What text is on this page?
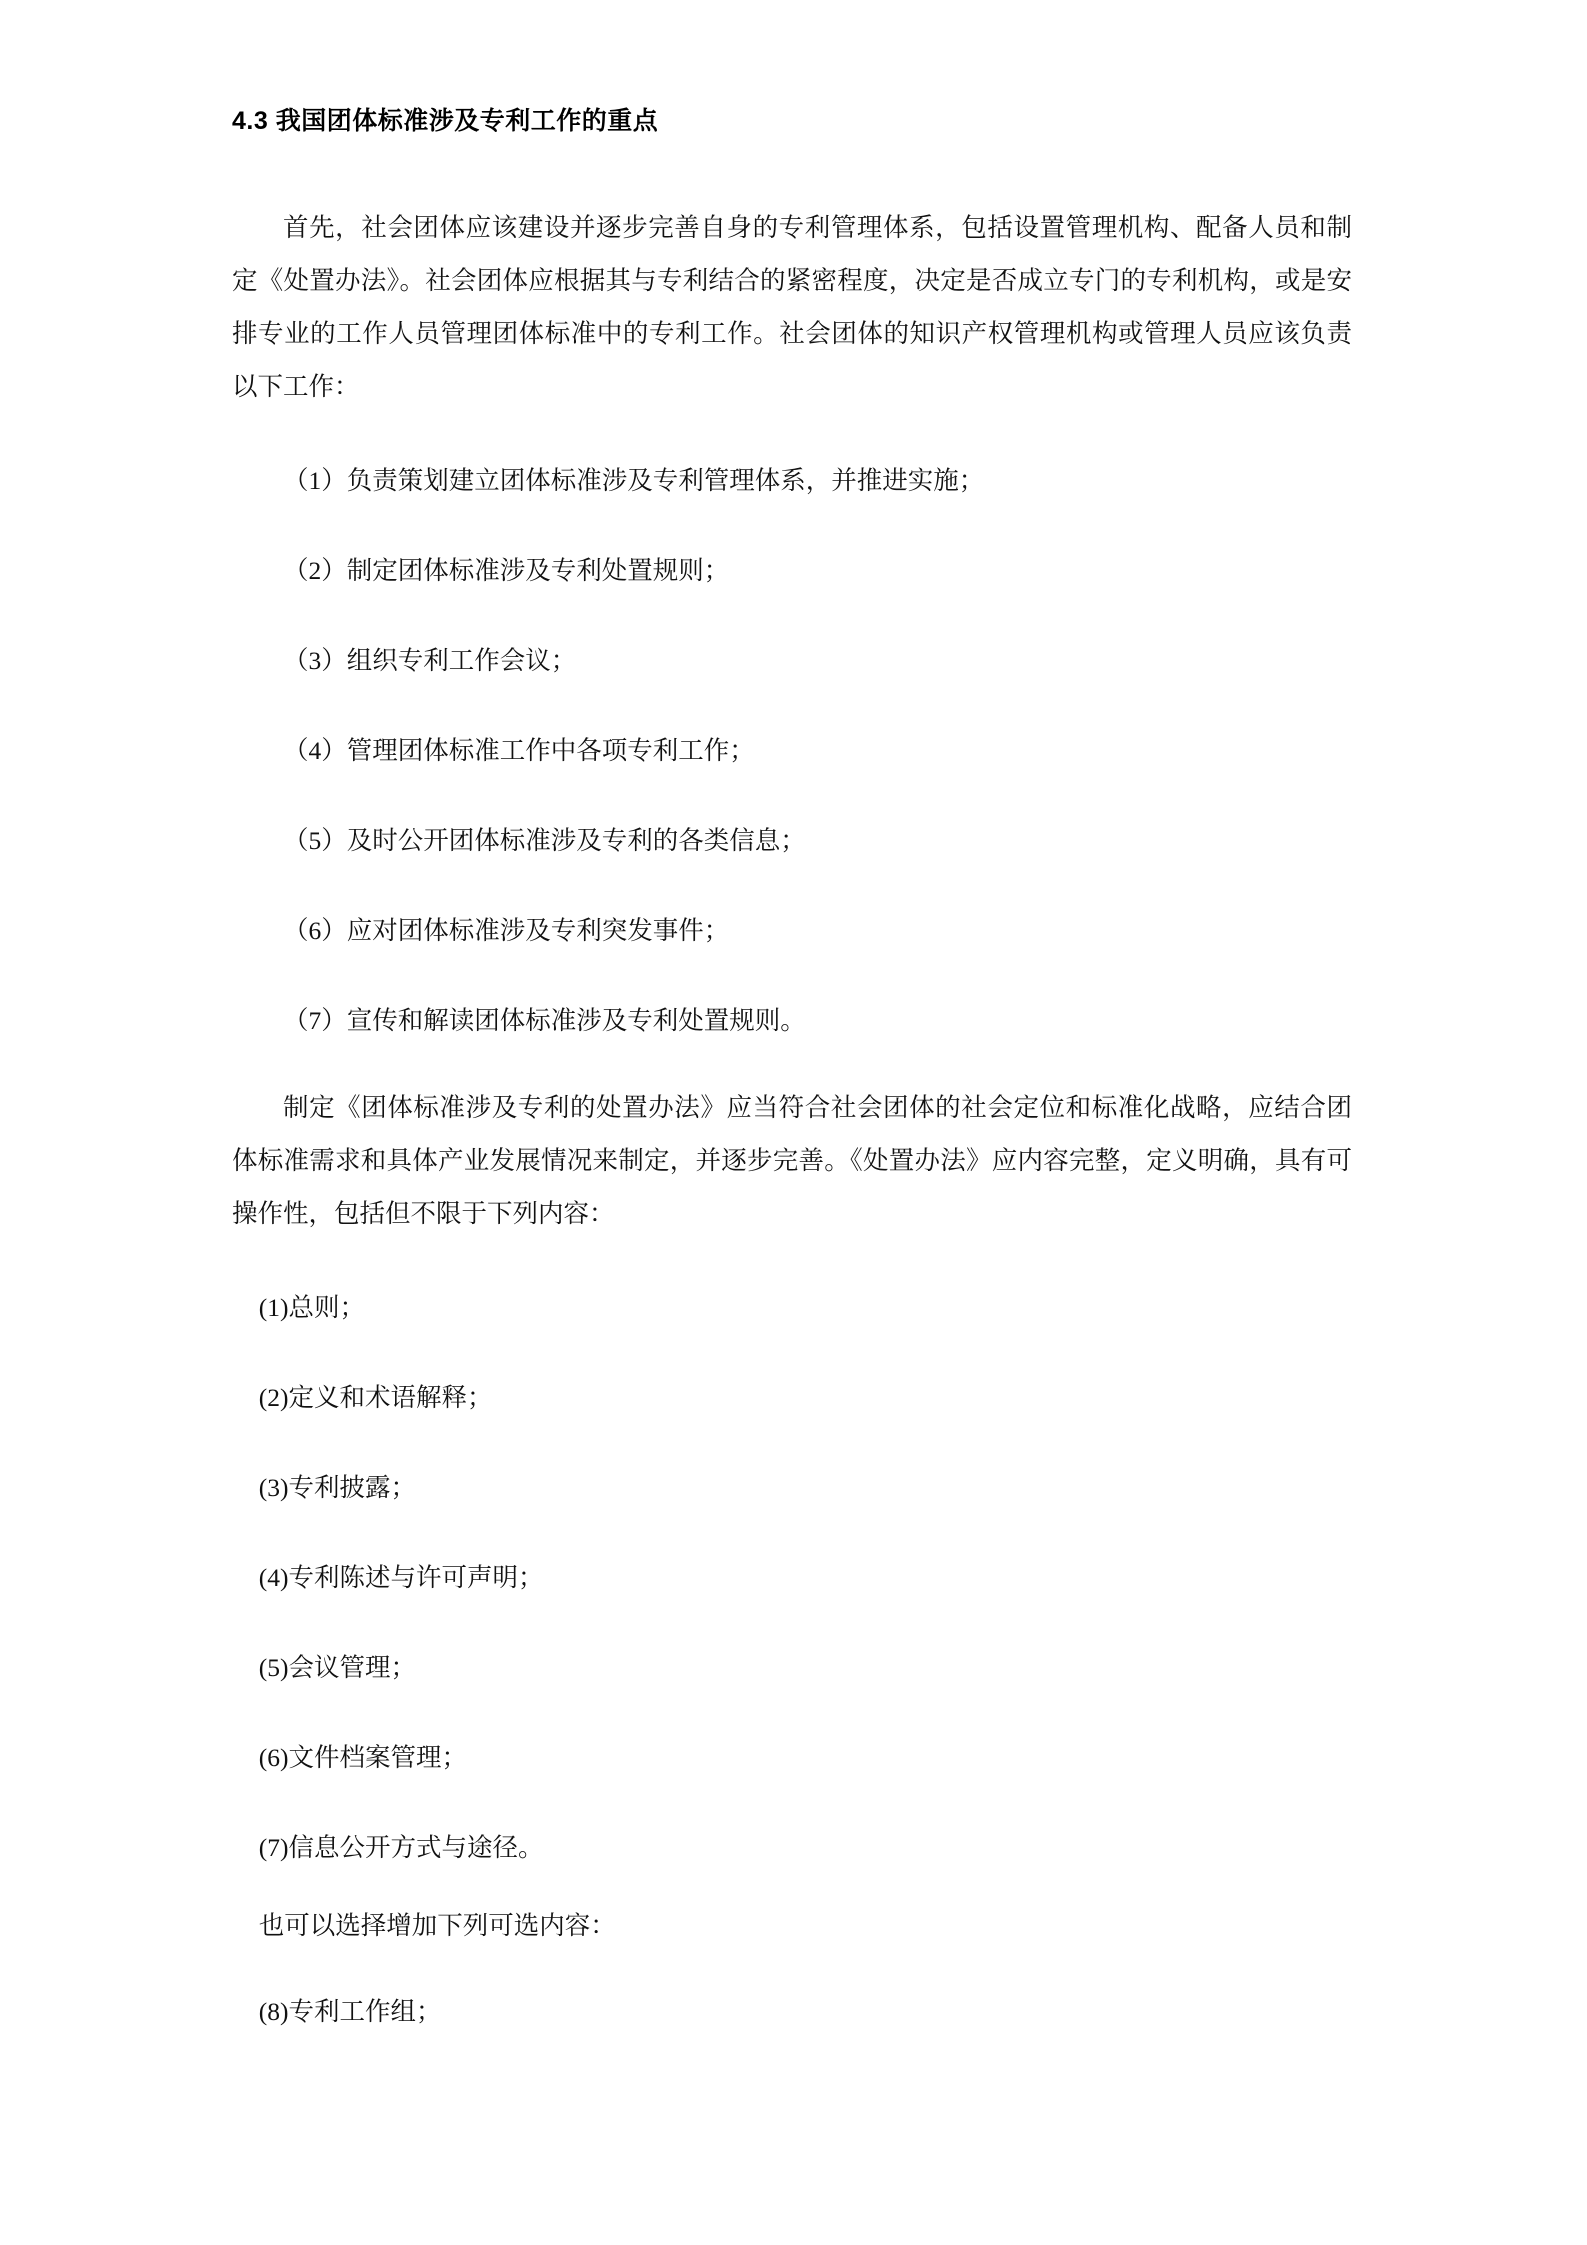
4.3 我国团体标准涉及专利工作的重点

首先，社会团体应该建设并逐步完善自身的专利管理体系，包括设置管理机构、配备人员和制定《处置办法》。社会团体应根据其与专利结合的紧密程度，决定是否成立专门的专利机构，或是安排专业的工作人员管理团体标准中的专利工作。社会团体的知识产权管理机构或管理人员应该负责以下工作：

（1）负责策划建立团体标准涉及专利管理体系，并推进实施；

（2）制定团体标准涉及专利处置规则；

（3）组织专利工作会议；

（4）管理团体标准工作中各项专利工作；

（5）及时公开团体标准涉及专利的各类信息；

（6）应对团体标准涉及专利突发事件；

（7）宣传和解读团体标准涉及专利处置规则。

制定《团体标准涉及专利的处置办法》应当符合社会团体的社会定位和标准化战略，应结合团体标准需求和具体产业发展情况来制定，并逐步完善。《处置办法》应内容完整，定义明确，具有可操作性，包括但不限于下列内容：

(1)总则；

(2)定义和术语解释；

(3)专利披露；

(4)专利陈述与许可声明；

(5)会议管理；

(6)文件档案管理；

(7)信息公开方式与途径。

也可以选择增加下列可选内容：

(8)专利工作组；
